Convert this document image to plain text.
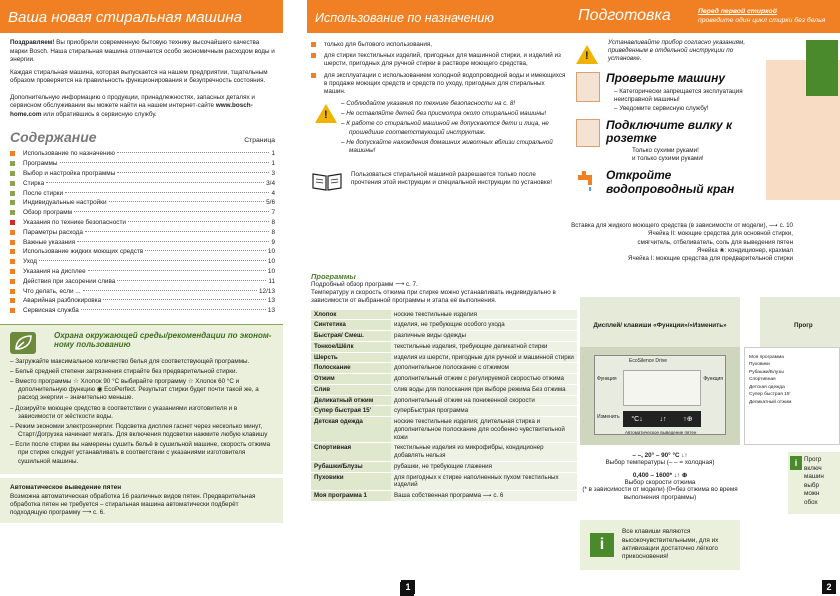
Ваша новая стиральная машина

Поздравляем! Вы приобрели современную бытовую технику высочайшего качества марки Bosch. Наша стиральная машина отличается особо экономичным расходом воды и энергии.

Каждая стиральная машина, которая выпускается на нашем предприятии, тщательным образом проверяется на правильность функционирования и безупречность состояния.

Дополнительную информацию о продукции, принадлежностях, запасных деталях и сервисном обслуживании вы можете найти на нашем интернет-сайте www.bosch-home.com или обратившись в сервисную службу.

Содержание	Страница
Использование по назначению	1
Программы	1
Выбор и настройка программы	3
Стирка	3/4
После стирки	4
Индивидуальные настройки	5/6
Обзор программ	7
Указания по технике безопасности	8
Параметры расхода	8
Важные указания	9
Использование жидких моющих средств	10
Уход	10
Указания на дисплее	10
Действия при засорении слива	11
Что делать, если ...	12/13
Аварийная разблокировка	13
Сервисная служба	13
Охрана окружающей среды/рекомендации по эконом- ному пользованию
– Загружайте максимальное количество белья для соответствующей программы.
– Бельё средней степени загрязнения стирайте без предварительной стирки.
– Вместо программы ☆ Хлопок 90 °C выбирайте программу ☆ Хлопок 60 °C и дополнительную функцию ◉ EcoPerfect. Результат стирки будет почти такой же, а расход энергии – значительно меньше.
– Дозируйте моющее средство в соответствии с указаниями изготовителя и в зависимости от жёсткости воды.
– Режим экономии электроэнергии: Подсветка дисплея гаснет через несколько минут, Старт/Догрузка начинает мигать. Для включения подсветки нажмите любую клавишу
– Если после стирки вы намерены сушить бельё в сушильной машине, скорость отжима при стирке следует устанавливать в соответствии с указаниями изготовителя сушильной машины.
Автоматическое выведение пятен
Возможна автоматическая обработка 16 различных видов пятен. Предварительная обработка пятен не требуется – стиральная машина автоматически подберёт подходящую программу ⟶ с. 6.
1
Использование по назначению
только для бытового использования,
для стирки текстильных изделий, пригодных для машинной стирки, и изделий из шерсти, пригодных для ручной стирки в растворе моющего средства,
для эксплуатации с использованием холодной водопроводной воды и имеющихся в продаже моющих средств и средств по уходу, пригодных для стиральных машин.
!
– Соблюдайте указания по технике безопасности на с. 8!
– Не оставляйте детей без присмотра около стиральной машины!
– К работе со стиральной машиной не допускаются дети и лица, не прошедшие соответствующий инструктаж.
– Не допускайте нахождения домашних животных вблизи стиральной машины!
Пользоваться стиральной машиной разрешается только после прочтения этой инструкции и специальной инструкции по установке!
Вставка для жидкого моющего средства (в зависимости от модели), ⟶ с. 10
Ячейка II: моющие средства для основной стирки,
смягчитель, отбеливатель, соль для выведения пятен
Ячейка ❀: кондиционер, крахмал
Ячейка I: моющие средства для предварительной стирки
Программы
Подробный обзор программ ⟶ с. 7.
Температуру и скорость отжима при стирке можно устанавливать индивидуально в зависимости от выбранной программы и этапа её выполнения.
Хлопок	ноские текстильные изделия
Синтетика	изделия, не требующие особого ухода
Быстрая/ Смеш.	различные виды одежды
Тонкое/Шёлк	текстильные изделия, требующие деликатной стирки
Шерсть	изделия из шерсти, пригодные для ручной и машинной стирки
Полоскание	дополнительное полоскание с отжимом
Отжим	дополнительный отжим с регулируемой скоростью отжима
Слив	слив воды для полоскания при выборе режима Без отжима
Деликатный отжим	дополнительный отжим на пониженной скорости
Супер быстрая 15'	суперБыстрая программа
Детская одежда	ноские текстильные изделия; длительная стирка и дополнительное полоскание для особенно чувствительной кожи
Спортивная	текстильные изделия из микрофибры, кондиционер добавлять нельзя
Рубашки/Блузы	рубашки, не требующие глажения
Пуховики	для пригодных к стирке наполненных пухом текстильных изделий
Моя программа 1	Ваша собственная программа ⟶ с. 6
Подготовка	Перед первой стиркой
проведите один цикл стирки без белья
!
Устанавливайте прибор согласно указаниям, приведенным в отдельной инструкции по установке.
Проверьте машину
– Категорически запрещается эксплуатация неисправной машины!
– Уведомите сервисную службу!
Подключите вилку к розетке
Только сухими руками!
и только сухими руками!
Откройте водопроводный кран
Дисплей/ клавиши «Функции»/«Изменить»	Прогр
EcoSilence Drive
Функция	Функция
Изменить °C↓ ↓↑ ↑⊕
Автоматическое выведение пятен
Моя программа
Пуховики
Рубашки/Блузы
Спортивная
Детская одежда
Супер быстрая 15'
Деликатный отжим
– –, 20° – 90° °C ↓↑
Выбор температуры (– – = холодная)
0,400 – 1600* ↓↑ ⊕
Выбор скорости отжима
(* в зависимости от модели) (0=без отжима во время выполнения программы)
i
Все клавиши являются высокочувствительными, для их активизации достаточно лёгкого прикосновения!
i	Прогр включ машин выбр можн обох
2
